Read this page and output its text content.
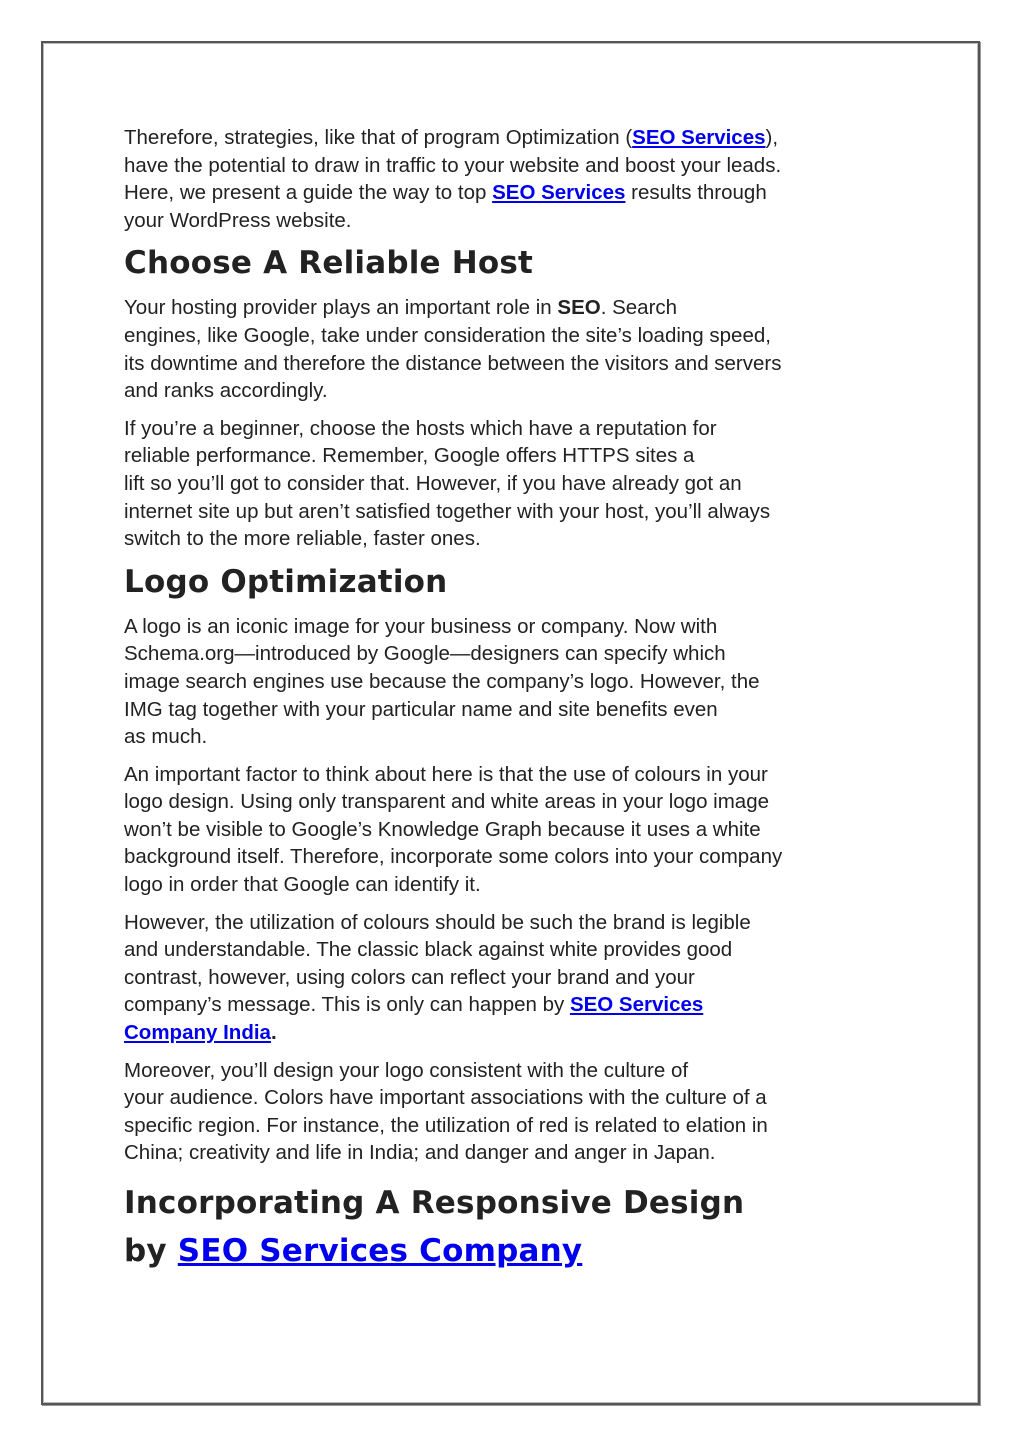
Therefore, strategies, like that of program Optimization (SEO Services),
have the potential to draw in traffic to your website and boost your leads.
Here, we present a guide the way to top SEO Services results through
your WordPress website.

Choose A Reliable Host

Your hosting provider plays an important role in SEO. Search
engines, like Google, take under consideration the site’s loading speed,
its downtime and therefore the distance between the visitors and servers
and ranks accordingly.

If you’re a beginner, choose the hosts which have a reputation for
reliable performance. Remember, Google offers HTTPS sites a
lift so you’ll got to consider that. However, if you have already got an
internet site up but aren’t satisfied together with your host, you’ll always
switch to the more reliable, faster ones.

Logo Optimization

A logo is an iconic image for your business or company. Now with
Schema.org—introduced by Google—designers can specify which
image search engines use because the company’s logo. However, the
IMG tag together with your particular name and site benefits even
as much.

An important factor to think about here is that the use of colours in your
logo design. Using only transparent and white areas in your logo image
won’t be visible to Google’s Knowledge Graph because it uses a white
background itself. Therefore, incorporate some colors into your company
logo in order that Google can identify it.

However, the utilization of colours should be such the brand is legible
and understandable. The classic black against white provides good
contrast, however, using colors can reflect your brand and your
company’s message. This is only can happen by SEO Services
Company India.

Moreover, you’ll design your logo consistent with the culture of
your audience. Colors have important associations with the culture of a
specific region. For instance, the utilization of red is related to elation in
China; creativity and life in India; and danger and anger in Japan.

Incorporating A Responsive Design
by SEO Services Company
